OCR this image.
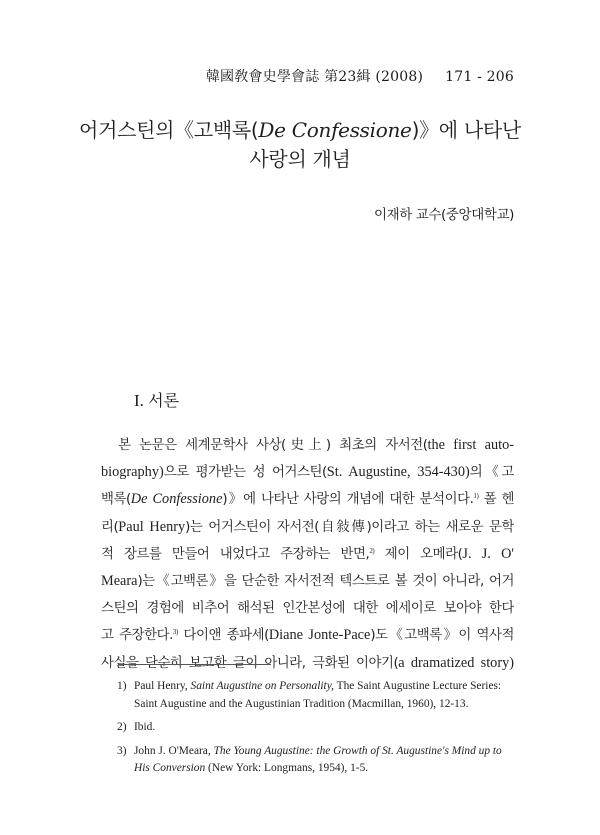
韓國敎會史學會誌 第23緝 (2008) 171 - 206
어거스틴의《고백록(De Confessione)》에 나타난
사랑의 개념
이재하 교수(중앙대학교)
I. 서론
본 논문은 세계문학사 사상(史上) 최초의 자서전(the first auto-
biography)으로 평가받는 성 어거스틴(St. Augustine, 354-430)의《고
백록(De Confessione)》에 나타난 사랑의 개념에 대한 분석이다.$^{1)}$ 폴 헨
리(Paul Henry)는 어거스틴이 자서전(自敍傳)이라고 하는 새로운 문학
적 장르를 만들어 내었다고 주장하는 반면,$^{2)}$ 제이 오메라(J. J. O'
Meara)는《고백론》을 단순한 자서전적 텍스트로 볼 것이 아니라, 어거
스틴의 경험에 비추어 해석된 인간본성에 대한 에세이로 보아야 한다
고 주장한다.$^{3)}$ 다이앤 종파세(Diane Jonte-Pace)도《고백록》이 역사적
사실을 단순히 보고한 글이 아니라, 극화된 이야기(a dramatized story)
1) Paul Henry, Saint Augustine on Personality, The Saint Augustine Lecture Series: Saint Augustine and the Augustinian Tradition (Macmillan, 1960), 12-13.
2) Ibid.
3) John J. O'Meara, The Young Augustine: the Growth of St. Augustine's Mind up to His Conversion (New York: Longmans, 1954), 1-5.
